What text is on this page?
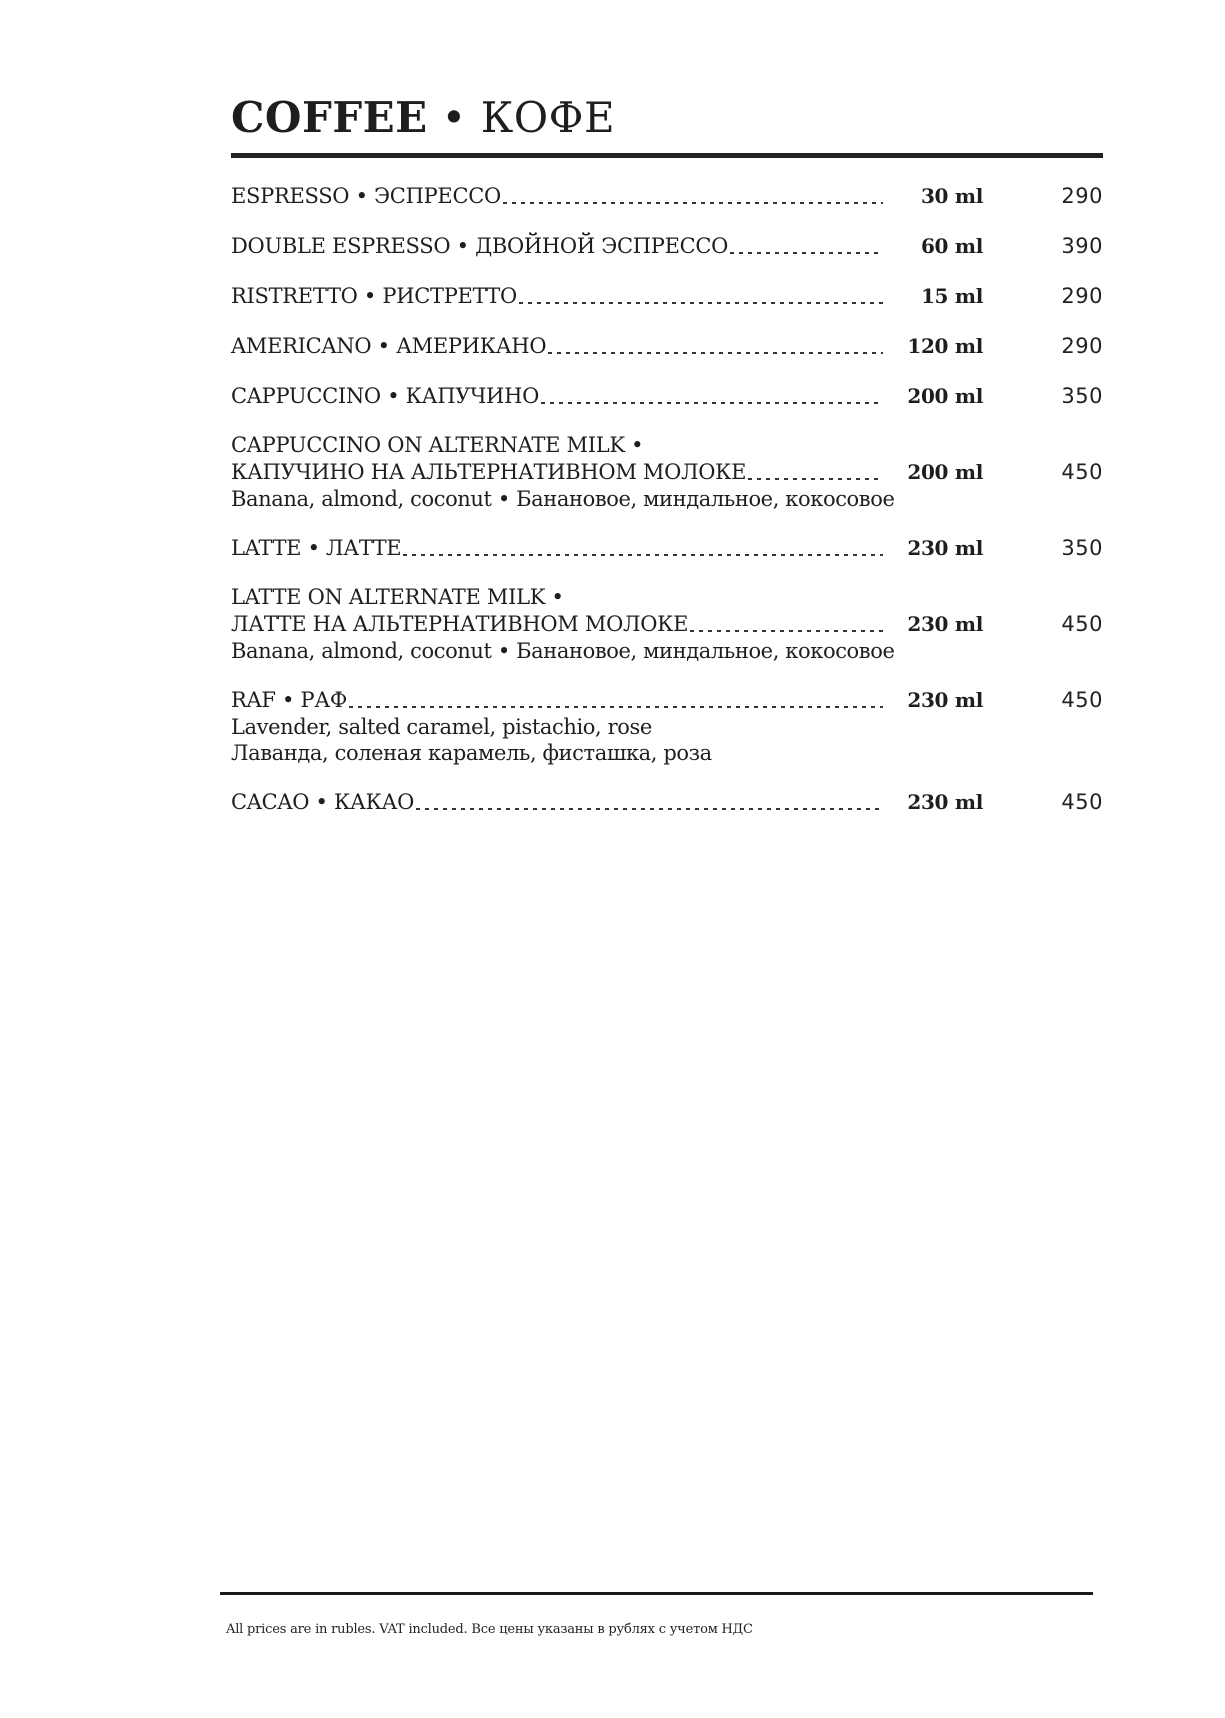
COFFEE • КОФЕ
ESPRESSO • ЭСПРЕССО	30 ml	290
DOUBLE ESPRESSO • ДВОЙНОЙ ЭСПРЕССО	60 ml	390
RISTRETTO • РИСТРЕТТО	15 ml	290
AMERICANO • АМЕРИКАНО	120 ml	290
CAPPUCCINO • КАПУЧИНО	200 ml	350
CAPPUCCINO ON ALTERNATE MILK •
КАПУЧИНО НА АЛЬТЕРНАТИВНОМ МОЛОКЕ	200 ml	450
Banana, almond, coconut • Банановое, миндальное, кокосовое
LATTE • ЛАТТЕ	230 ml	350
LATTE ON ALTERNATE MILK •
ЛАТТЕ НА АЛЬТЕРНАТИВНОМ МОЛОКЕ	230 ml	450
Banana, almond, coconut • Банановое, миндальное, кокосовое
RAF • РАФ	230 ml	450
Lavender, salted caramel, pistachio, rose
Лаванда, соленая карамель, фисташка, роза
CACAO • КАКАО	230 ml	450
All prices are in rubles. VAT included. Все цены указаны в рублях с учетом НДС
